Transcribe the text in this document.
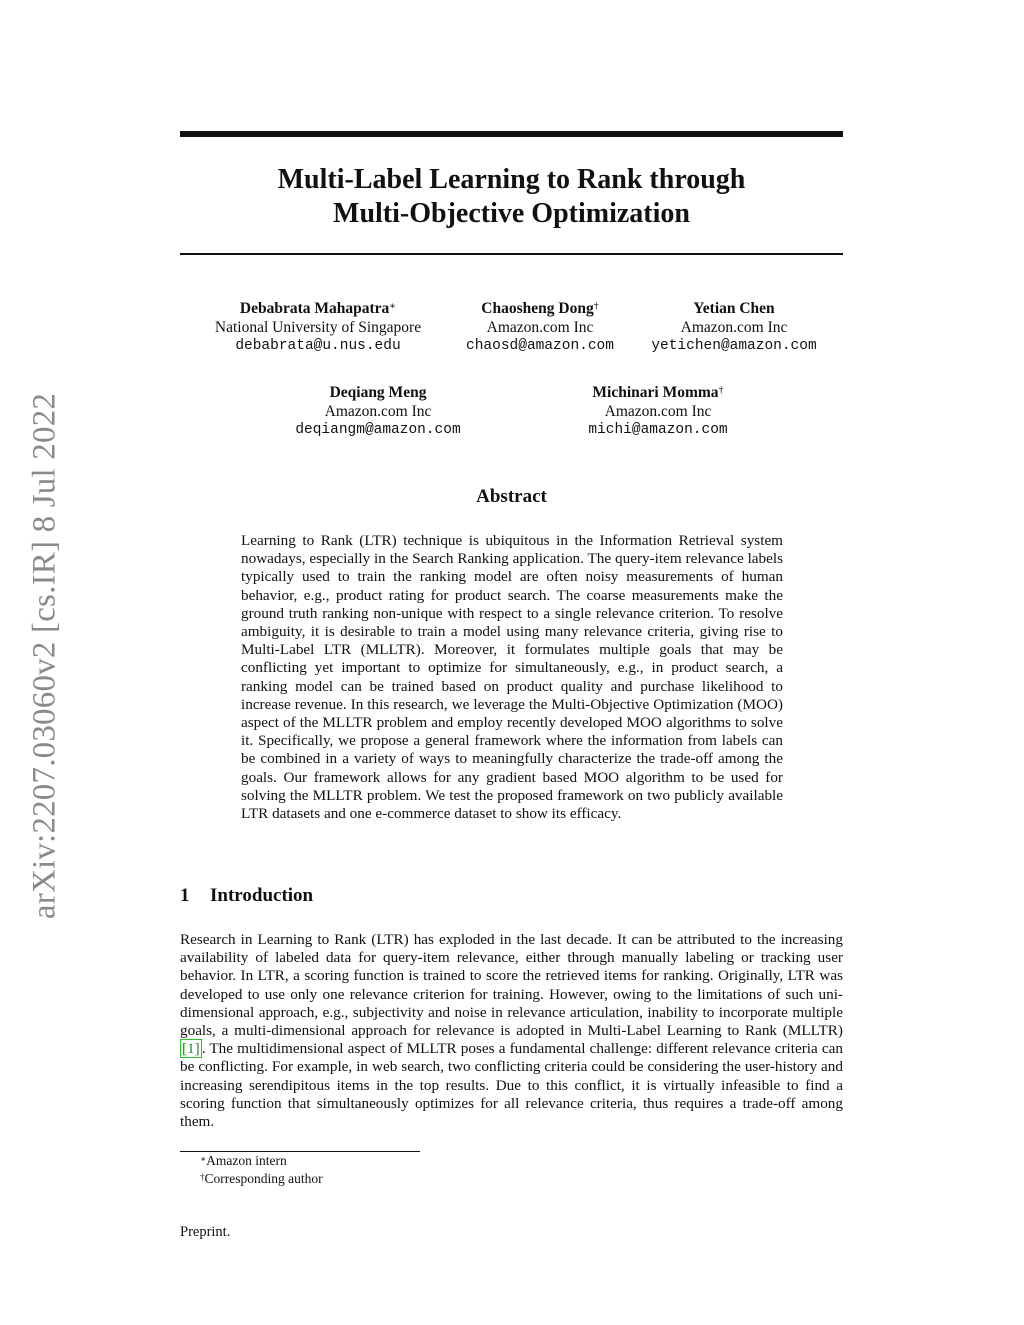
arXiv:2207.03060v2 [cs.IR] 8 Jul 2022
Multi-Label Learning to Rank through
Multi-Objective Optimization
Debabrata Mahapatra∗
National University of Singapore
debabrata@u.nus.edu
Chaosheng Dong†
Amazon.com Inc
chaosd@amazon.com
Yetian Chen
Amazon.com Inc
yetichen@amazon.com
Deqiang Meng
Amazon.com Inc
deqiangm@amazon.com
Michinari Momma†
Amazon.com Inc
michi@amazon.com
Abstract
Learning to Rank (LTR) technique is ubiquitous in the Information Retrieval system nowadays, especially in the Search Ranking application. The query-item relevance labels typically used to train the ranking model are often noisy measurements of human behavior, e.g., product rating for product search. The coarse measurements make the ground truth ranking non-unique with respect to a single relevance criterion. To resolve ambiguity, it is desirable to train a model using many relevance criteria, giving rise to Multi-Label LTR (MLLTR). Moreover, it formulates multiple goals that may be conflicting yet important to optimize for simultaneously, e.g., in product search, a ranking model can be trained based on product quality and purchase likelihood to increase revenue. In this research, we leverage the Multi-Objective Optimization (MOO) aspect of the MLLTR problem and employ recently developed MOO algorithms to solve it. Specifically, we propose a general framework where the information from labels can be combined in a variety of ways to meaningfully characterize the trade-off among the goals. Our framework allows for any gradient based MOO algorithm to be used for solving the MLLTR problem. We test the proposed framework on two publicly available LTR datasets and one e-commerce dataset to show its efficacy.
1 Introduction
Research in Learning to Rank (LTR) has exploded in the last decade. It can be attributed to the increasing availability of labeled data for query-item relevance, either through manually labeling or tracking user behavior. In LTR, a scoring function is trained to score the retrieved items for ranking. Originally, LTR was developed to use only one relevance criterion for training. However, owing to the limitations of such uni-dimensional approach, e.g., subjectivity and noise in relevance articulation, inability to incorporate multiple goals, a multi-dimensional approach for relevance is adopted in Multi-Label Learning to Rank (MLLTR) [1] . The multidimensional aspect of MLLTR poses a fundamental challenge: different relevance criteria can be conflicting. For example, in web search, two conflicting criteria could be considering the user-history and increasing serendipitous items in the top results. Due to this conflict, it is virtually infeasible to find a scoring function that simultaneously optimizes for all relevance criteria, thus requires a trade-off among them.
∗Amazon intern
†Corresponding author
Preprint.
